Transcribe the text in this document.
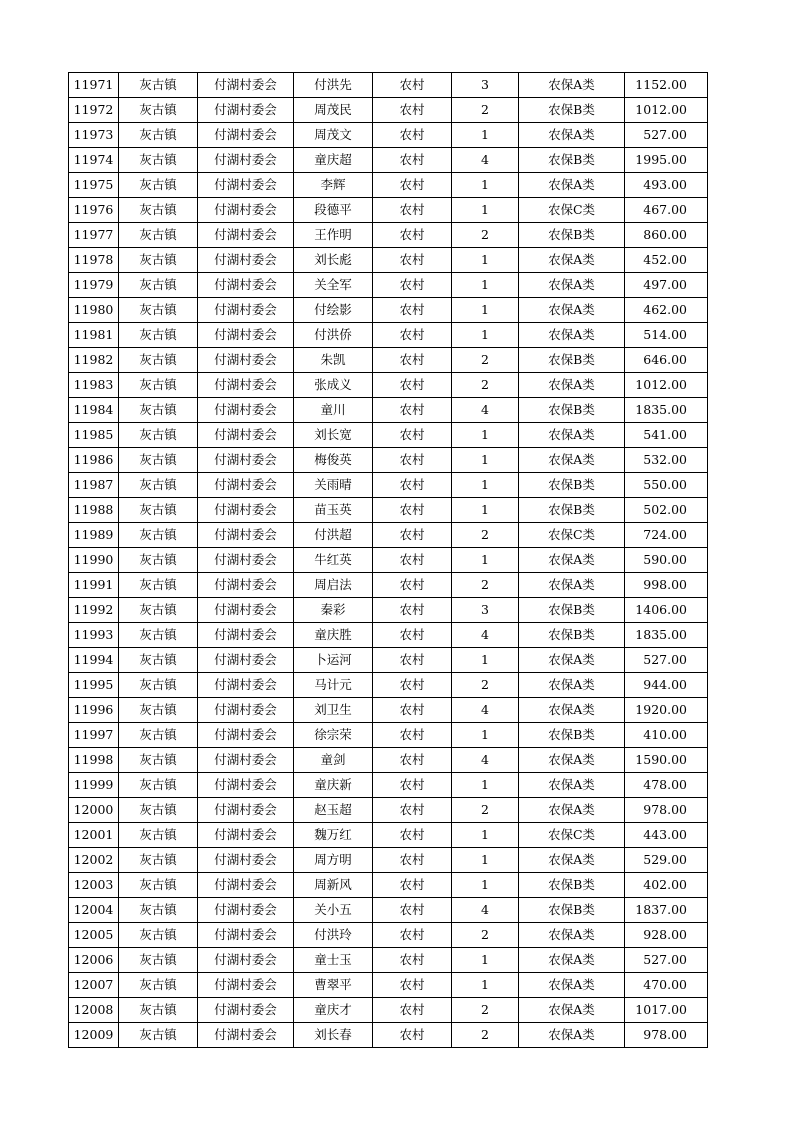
11971	灰古镇	付湖村委会	付洪先	农村	3	农保A类	1152.00
11972	灰古镇	付湖村委会	周茂民	农村	2	农保B类	1012.00
11973	灰古镇	付湖村委会	周茂文	农村	1	农保A类	527.00
11974	灰古镇	付湖村委会	童庆超	农村	4	农保B类	1995.00
11975	灰古镇	付湖村委会	李辉	农村	1	农保A类	493.00
11976	灰古镇	付湖村委会	段德平	农村	1	农保C类	467.00
11977	灰古镇	付湖村委会	王作明	农村	2	农保B类	860.00
11978	灰古镇	付湖村委会	刘长彪	农村	1	农保A类	452.00
11979	灰古镇	付湖村委会	关全军	农村	1	农保A类	497.00
11980	灰古镇	付湖村委会	付绘影	农村	1	农保A类	462.00
11981	灰古镇	付湖村委会	付洪侨	农村	1	农保A类	514.00
11982	灰古镇	付湖村委会	朱凯	农村	2	农保B类	646.00
11983	灰古镇	付湖村委会	张成义	农村	2	农保A类	1012.00
11984	灰古镇	付湖村委会	童川	农村	4	农保B类	1835.00
11985	灰古镇	付湖村委会	刘长宽	农村	1	农保A类	541.00
11986	灰古镇	付湖村委会	梅俊英	农村	1	农保A类	532.00
11987	灰古镇	付湖村委会	关雨晴	农村	1	农保B类	550.00
11988	灰古镇	付湖村委会	苗玉英	农村	1	农保B类	502.00
11989	灰古镇	付湖村委会	付洪超	农村	2	农保C类	724.00
11990	灰古镇	付湖村委会	牛红英	农村	1	农保A类	590.00
11991	灰古镇	付湖村委会	周启法	农村	2	农保A类	998.00
11992	灰古镇	付湖村委会	秦彩	农村	3	农保B类	1406.00
11993	灰古镇	付湖村委会	童庆胜	农村	4	农保B类	1835.00
11994	灰古镇	付湖村委会	卜运河	农村	1	农保A类	527.00
11995	灰古镇	付湖村委会	马计元	农村	2	农保A类	944.00
11996	灰古镇	付湖村委会	刘卫生	农村	4	农保A类	1920.00
11997	灰古镇	付湖村委会	徐宗荣	农村	1	农保B类	410.00
11998	灰古镇	付湖村委会	童剑	农村	4	农保A类	1590.00
11999	灰古镇	付湖村委会	童庆新	农村	1	农保A类	478.00
12000	灰古镇	付湖村委会	赵玉超	农村	2	农保A类	978.00
12001	灰古镇	付湖村委会	魏万红	农村	1	农保C类	443.00
12002	灰古镇	付湖村委会	周方明	农村	1	农保A类	529.00
12003	灰古镇	付湖村委会	周新风	农村	1	农保B类	402.00
12004	灰古镇	付湖村委会	关小五	农村	4	农保B类	1837.00
12005	灰古镇	付湖村委会	付洪玲	农村	2	农保A类	928.00
12006	灰古镇	付湖村委会	童士玉	农村	1	农保A类	527.00
12007	灰古镇	付湖村委会	曹翠平	农村	1	农保A类	470.00
12008	灰古镇	付湖村委会	童庆才	农村	2	农保A类	1017.00
12009	灰古镇	付湖村委会	刘长春	农村	2	农保A类	978.00
